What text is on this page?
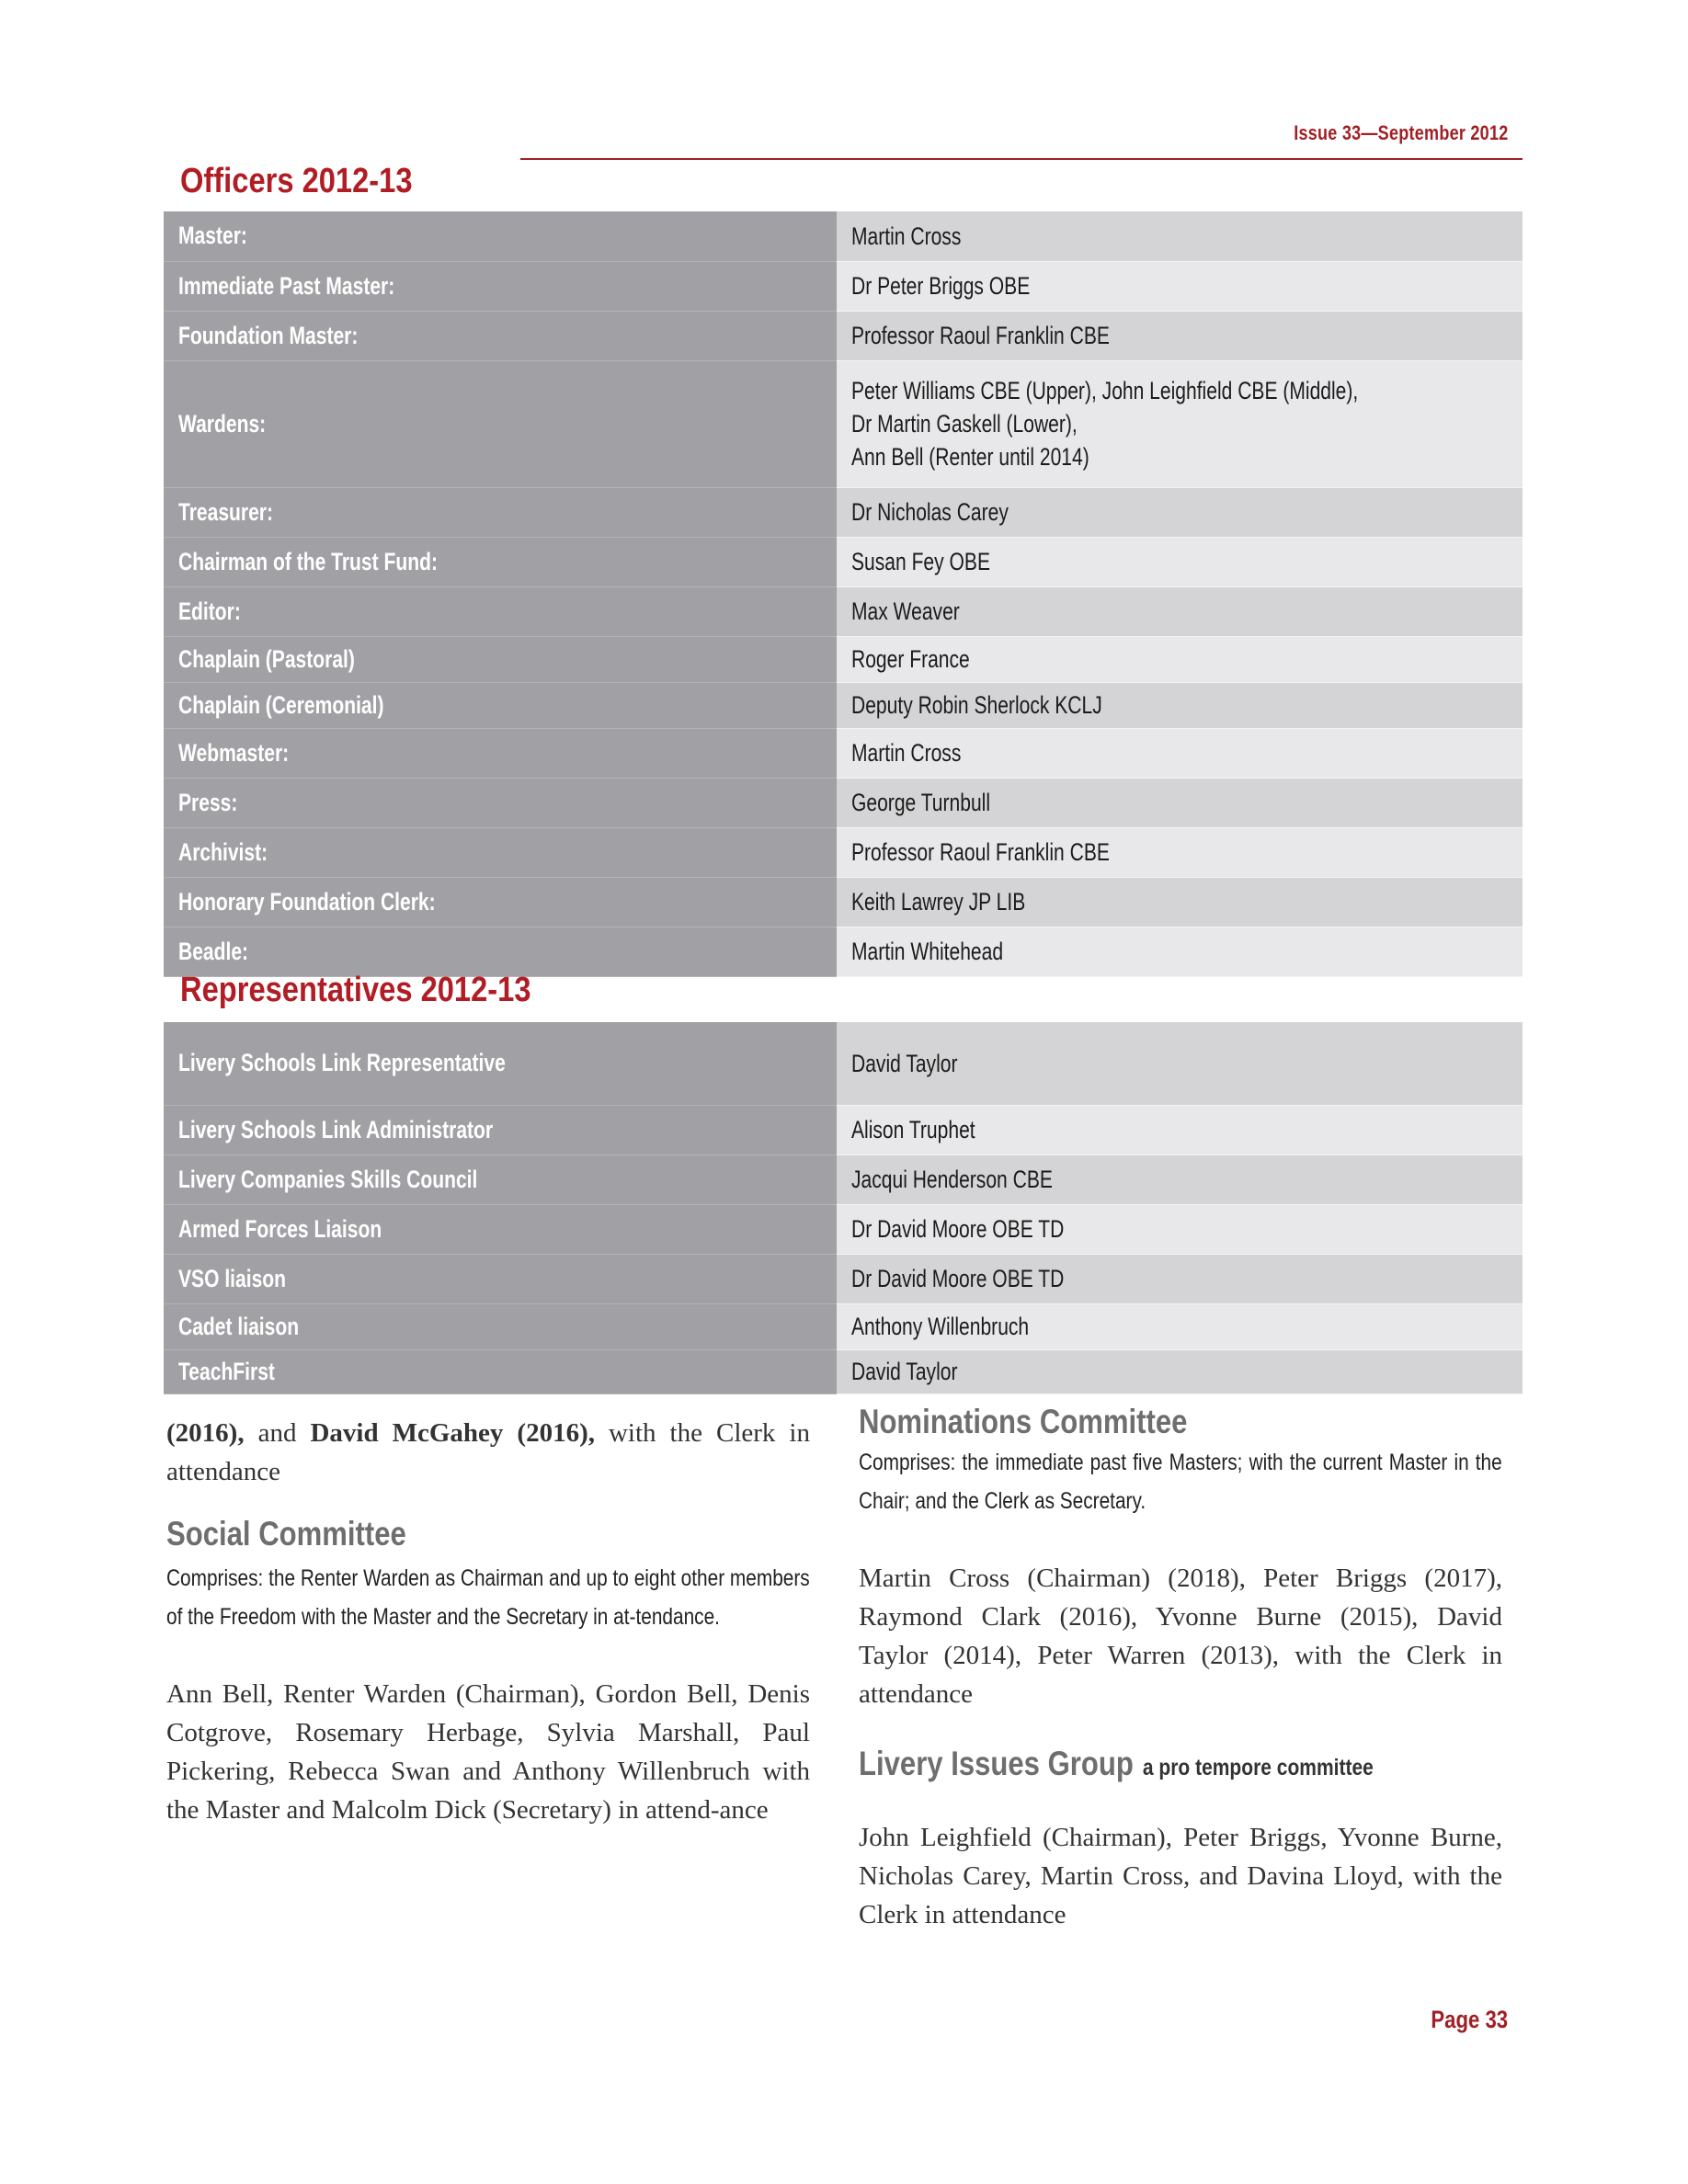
Issue 33—September 2012
Officers 2012-13
Master:	Martin Cross
Immediate Past Master:	Dr Peter Briggs OBE
Foundation Master:	Professor Raoul Franklin CBE
Wardens:	Peter Williams CBE (Upper), John Leighfield CBE (Middle),
Dr Martin Gaskell (Lower),
Ann Bell (Renter until 2014)
Treasurer:	Dr Nicholas Carey
Chairman of the Trust Fund:	Susan Fey OBE
Editor:	Max Weaver
Chaplain (Pastoral)	Roger France
Chaplain (Ceremonial)	Deputy Robin Sherlock KCLJ
Webmaster:	Martin Cross
Press:	George Turnbull
Archivist:	Professor Raoul Franklin CBE
Honorary Foundation Clerk:	Keith Lawrey JP LIB
Beadle:	Martin Whitehead
Representatives 2012-13
Livery Schools Link Representative	David Taylor
Livery Schools Link Administrator	Alison Truphet
Livery Companies Skills Council	Jacqui Henderson CBE
Armed Forces Liaison	Dr David Moore OBE TD
VSO liaison	Dr David Moore OBE TD
Cadet liaison	Anthony Willenbruch
TeachFirst	David Taylor

(2016), and David McGahey (2016), with the Clerk in attendance

Social Committee

Comprises: the Renter Warden as Chairman and up to eight other members of the Freedom with the Master and the Secretary in at-tendance.

Ann Bell, Renter Warden (Chairman), Gordon Bell, Denis Cotgrove, Rosemary Herbage, Sylvia Marshall, Paul Pickering, Rebecca Swan and Anthony Willenbruch with the Master and Malcolm Dick (Secretary) in attend-ance

Nominations Committee

Comprises: the immediate past five Masters; with the current Master in the Chair; and the Clerk as Secretary.

Martin Cross (Chairman) (2018), Peter Briggs (2017), Raymond Clark (2016), Yvonne Burne (2015), David Taylor (2014), Peter Warren (2013), with the Clerk in attendance

Livery Issues Group a pro tempore committee

John Leighfield (Chairman), Peter Briggs, Yvonne Burne, Nicholas Carey, Martin Cross, and Davina Lloyd, with the Clerk in attendance

Page 33
